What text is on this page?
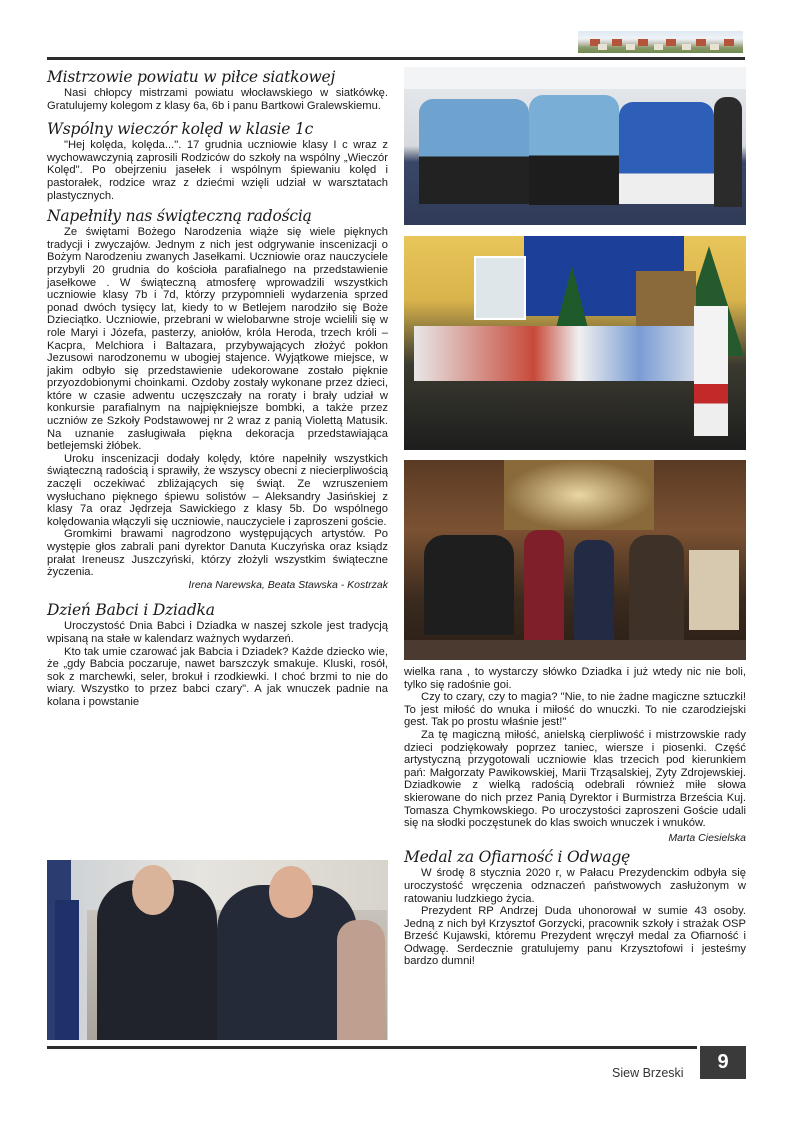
Mistrzowie powiatu w piłce siatkowej

Nasi chłopcy mistrzami powiatu włocławskiego w siatkówkę. Gratulujemy kolegom z klasy 6a, 6b i panu Bartkowi Gralewskiemu.

Wspólny wieczór kolęd w klasie 1c

"Hej kolęda, kolęda...". 17 grudnia uczniowie klasy I c wraz z wychowawczynią zaprosili Rodziców do szkoły na wspólny „Wieczór Kolęd". Po obejrzeniu jasełek i wspólnym śpiewaniu kolęd i pastorałek, rodzice wraz z dziećmi wzięli udział w warsztatach plastycznych.

Napełniły nas świąteczną radością

Ze świętami Bożego Narodzenia wiąże się wiele pięknych tradycji i zwyczajów. Jednym z nich jest odgrywanie inscenizacji o Bożym Narodzeniu zwanych Jasełkami. Uczniowie oraz nauczyciele przybyli 20 grudnia do kościoła parafialnego na przedstawienie jasełkowe . W świąteczną atmosferę wprowadzili wszystkich uczniowie klasy 7b i 7d, którzy przypomnieli wydarzenia sprzed ponad dwóch tysięcy lat, kiedy to w Betlejem narodziło się Boże Dzieciątko. Uczniowie, przebrani w wielobarwne stroje wcielili się w role Maryi i Józefa, pasterzy, aniołów, króla Heroda, trzech króli – Kacpra, Melchiora i Baltazara, przybywających złożyć pokłon Jezusowi narodzonemu w ubogiej stajence. Wyjątkowe miejsce, w jakim odbyło się przedstawienie udekorowane zostało pięknie przyozdobionymi choinkami. Ozdoby zostały wykonane przez dzieci, które w czasie adwentu uczęszczały na roraty i brały udział w konkursie parafialnym na najpiękniejsze bombki, a także przez uczniów ze Szkoły Podstawowej nr 2 wraz z panią Violettą Matusik. Na uznanie zasługiwała piękna dekoracja przedstawiająca betlejemski żłóbek.

Uroku inscenizacji dodały kolędy, które napełniły wszystkich świąteczną radością i sprawiły, że wszyscy obecni z niecierpliwością zaczęli oczekiwać zbliżających się świąt. Ze wzruszeniem wysłuchano pięknego śpiewu solistów – Aleksandry Jasińskiej z klasy 7a oraz Jędrzeja Sawickiego z klasy 5b. Do wspólnego kolędowania włączyli się uczniowie, nauczyciele i zaproszeni goście.

Gromkimi brawami nagrodzono występujących artystów. Po występie głos zabrali pani dyrektor Danuta Kuczyńska oraz ksiądz prałat Ireneusz Juszczyński, którzy złożyli wszystkim świąteczne życzenia.

Irena Narewska, Beata Stawska - Kostrzak

Dzień Babci i Dziadka

Uroczystość Dnia Babci i Dziadka w naszej szkole jest tradycją wpisaną na stałe w kalendarz ważnych wydarzeń.

Kto tak umie czarować jak Babcia i Dziadek? Każde dziecko wie, że „gdy Babcia poczaruje, nawet barszczyk smakuje. Kluski, rosół, sok z marchewki, seler, brokuł i rzodkiewki. I choć brzmi to nie do wiary. Wszystko to przez babci czary". A jak wnuczek padnie na kolana i powstanie

wielka rana , to wystarczy słówko Dziadka i już wtedy nic nie boli, tylko się radośnie goi.

Czy to czary, czy to magia? "Nie, to nie żadne magiczne sztuczki! To jest miłość do wnuka i miłość do wnuczki. To nie czarodziejski gest. Tak po prostu właśnie jest!"

Za tę magiczną miłość, anielską cierpliwość i mistrzowskie rady dzieci podziękowały poprzez taniec, wiersze i piosenki. Część artystyczną przygotowali uczniowie klas trzecich pod kierunkiem pań: Małgorzaty Pawikowskiej, Marii Trząsalskiej, Zyty Zdrojewskiej. Dziadkowie z wielką radością odebrali również miłe słowa skierowane do nich przez Panią Dyrektor i Burmistrza Brześcia Kuj. Tomasza Chymkowskiego. Po uroczystości zaproszeni Goście udali się na słodki poczęstunek do klas swoich wnuczek i wnuków.

Marta Ciesielska

Medal za Ofiarność i Odwagę

W środę 8 stycznia 2020 r, w Pałacu Prezydenckim odbyła się uroczystość wręczenia odznaczeń państwowych zasłużonym w ratowaniu ludzkiego życia.

Prezydent RP Andrzej Duda uhonorował w sumie 43 osoby. Jedną z nich był Krzysztof Gorzycki, pracownik szkoły i strażak OSP Brześć Kujawski, któremu Prezydent wręczył medal za Ofiarność i Odwagę. Serdecznie gratulujemy panu Krzysztofowi i jesteśmy bardzo dumni!

Siew Brzeski	9
